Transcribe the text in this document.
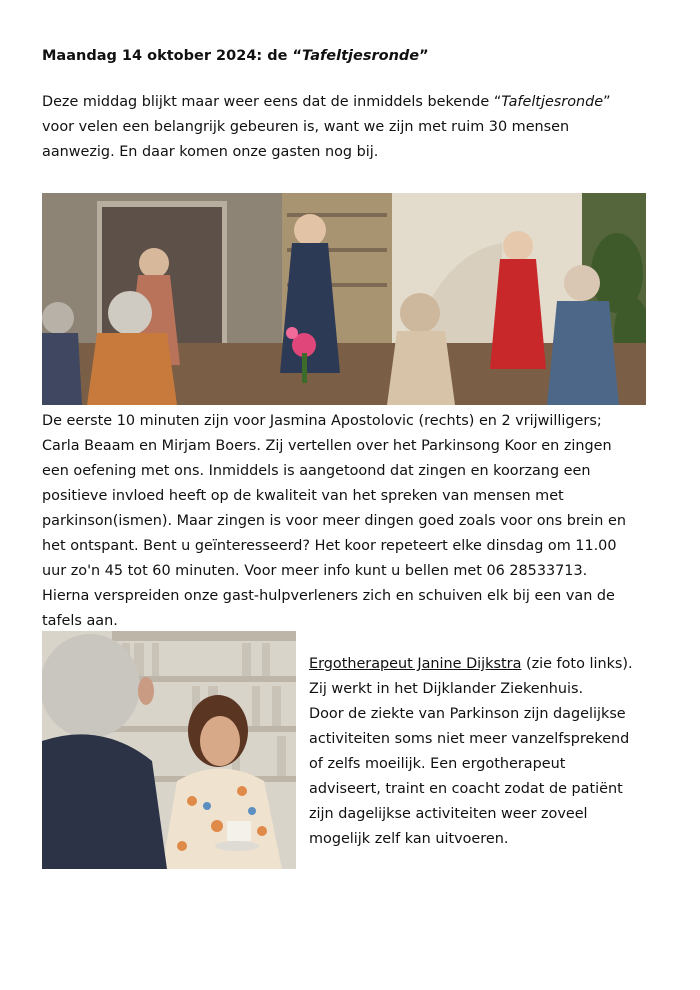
Maandag 14 oktober 2024: de “Tafeltjesronde”

Deze middag blijkt maar weer eens dat de inmiddels bekende “Tafeltjesronde”
voor velen een belangrijk gebeuren is, want we zijn met ruim 30 mensen
aanwezig. En daar komen onze gasten nog bij.

De eerste 10 minuten zijn voor Jasmina Apostolovic (rechts) en 2 vrijwilligers;
Carla Beaam en Mirjam Boers. Zij vertellen over het Parkinsong Koor en zingen
een oefening met ons. Inmiddels is aangetoond dat zingen en koorzang een
positieve invloed heeft op de kwaliteit van het spreken van mensen met
parkinson(ismen). Maar zingen is voor meer dingen goed zoals voor ons brein en
het ontspant. Bent u geïnteresseerd? Het koor repeteert elke dinsdag om 11.00
uur zo'n 45 tot 60 minuten. Voor meer info kunt u bellen met 06 28533713.
Hierna verspreiden onze gast-hulpverleners zich en schuiven elk bij een van de
tafels aan.

Ergotherapeut Janine Dijkstra (zie foto links).
Zij werkt in het Dijklander Ziekenhuis.
Door de ziekte van Parkinson zijn dagelijkse
activiteiten soms niet meer vanzelfsprekend
of zelfs moeilijk. Een ergotherapeut
adviseert, traint en coacht zodat de patiënt
zijn dagelijkse activiteiten weer zoveel
mogelijk zelf kan uitvoeren.
